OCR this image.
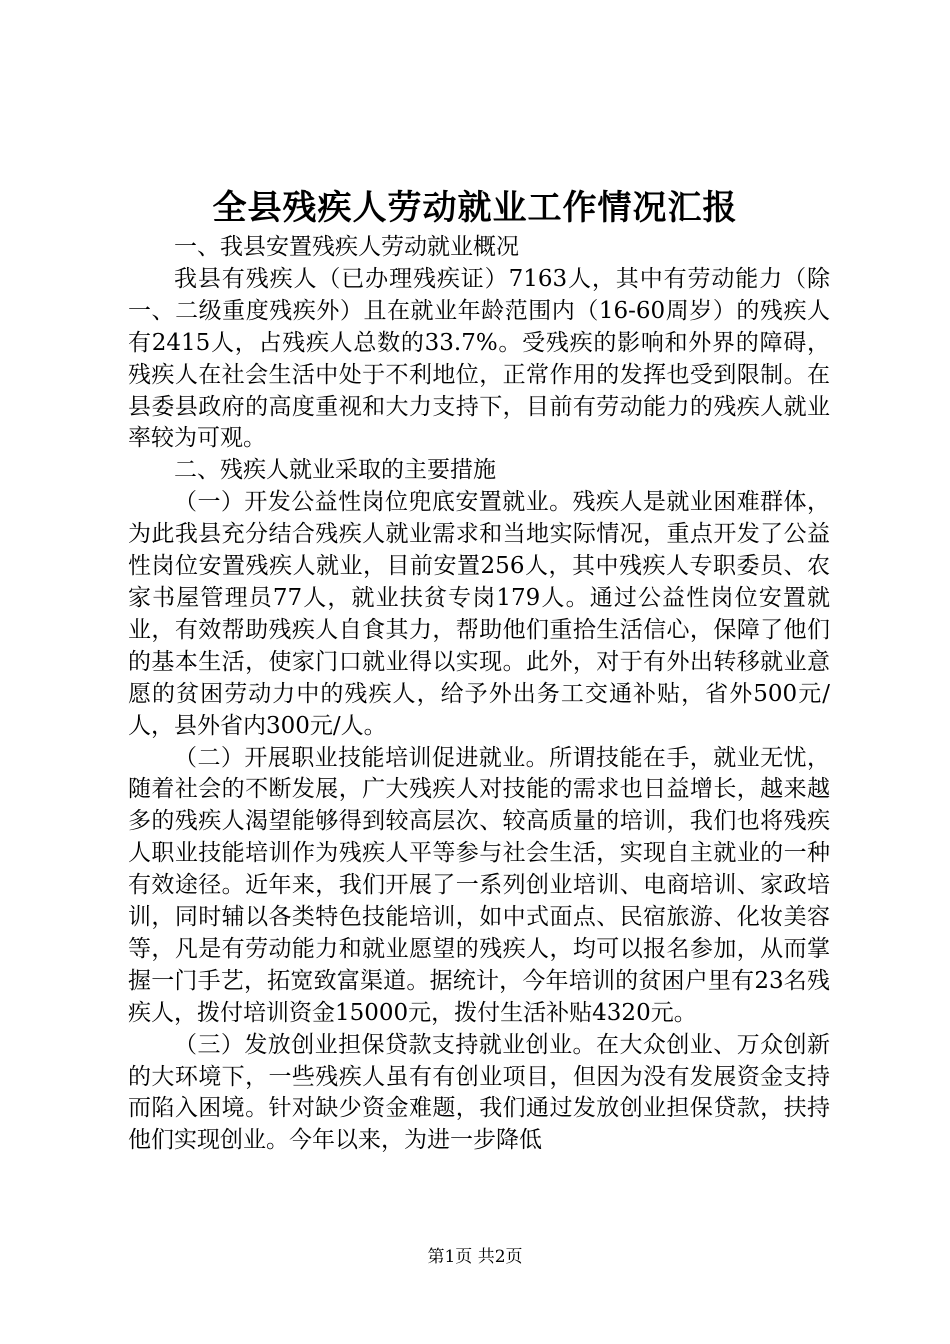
全县残疾人劳动就业工作情况汇报

一、我县安置残疾人劳动就业概况

我县有残疾人（已办理残疾证）7163人，其中有劳动能力（除一、二级重度残疾外）且在就业年龄范围内（16-60周岁）的残疾人有2415人，占残疾人总数的33.7%。受残疾的影响和外界的障碍，残疾人在社会生活中处于不利地位，正常作用的发挥也受到限制。在县委县政府的高度重视和大力支持下，目前有劳动能力的残疾人就业率较为可观。

二、残疾人就业采取的主要措施

（一）开发公益性岗位兜底安置就业。残疾人是就业困难群体，为此我县充分结合残疾人就业需求和当地实际情况，重点开发了公益性岗位安置残疾人就业，目前安置256人，其中残疾人专职委员、农家书屋管理员77人，就业扶贫专岗179人。通过公益性岗位安置就业，有效帮助残疾人自食其力，帮助他们重拾生活信心，保障了他们的基本生活，使家门口就业得以实现。此外，对于有外出转移就业意愿的贫困劳动力中的残疾人，给予外出务工交通补贴，省外500元/人，县外省内300元/人。

（二）开展职业技能培训促进就业。所谓技能在手，就业无忧，随着社会的不断发展，广大残疾人对技能的需求也日益增长，越来越多的残疾人渴望能够得到较高层次、较高质量的培训，我们也将残疾人职业技能培训作为残疾人平等参与社会生活，实现自主就业的一种有效途径。近年来，我们开展了一系列创业培训、电商培训、家政培训，同时辅以各类特色技能培训，如中式面点、民宿旅游、化妆美容等，凡是有劳动能力和就业愿望的残疾人，均可以报名参加，从而掌握一门手艺，拓宽致富渠道。据统计，今年培训的贫困户里有23名残疾人，拨付培训资金15000元，拨付生活补贴4320元。

（三）发放创业担保贷款支持就业创业。在大众创业、万众创新的大环境下，一些残疾人虽有有创业项目，但因为没有发展资金支持而陷入困境。针对缺少资金难题，我们通过发放创业担保贷款，扶持他们实现创业。今年以来，为进一步降低

第1页 共2页
